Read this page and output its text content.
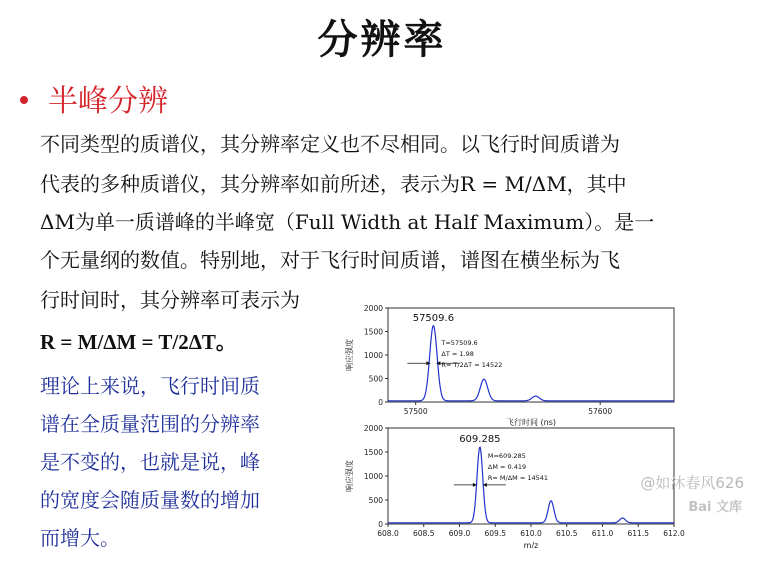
分辨率
半峰分辨
不同类型的质谱仪，其分辨率定义也不尽相同。以飞行时间质谱为
代表的多种质谱仪，其分辨率如前所述，表示为R = M/ΔM，其中
ΔM为单一质谱峰的半峰宽（Full Width at Half Maximum）。是一
个无量纲的数值。特别地，对于飞行时间质谱，谱图在横坐标为飞
行时间时，其分辨率可表示为
R = M/ΔM = T/2ΔT。
理论上来说，飞行时间质
谱在全质量范围的分辨率
是不变的，也就是说，峰
的宽度会随质量数的增加
而增大。
0
500
1000
1500
2000
57500	57600
飞行时间 (ns)
响应强度
57509.6
T=57509.6
ΔT = 1.98
R= T/2ΔT = 14522
0
500
1000
1500
2000
608.0 608.5 609.0 609.5 610.0 610.5 611.0 611.5 612.0
m/z
响应强度
609.285
M=609.285
ΔM = 0.419
R= M/ΔM = 14541	@如沐春风626
Bai 文库
